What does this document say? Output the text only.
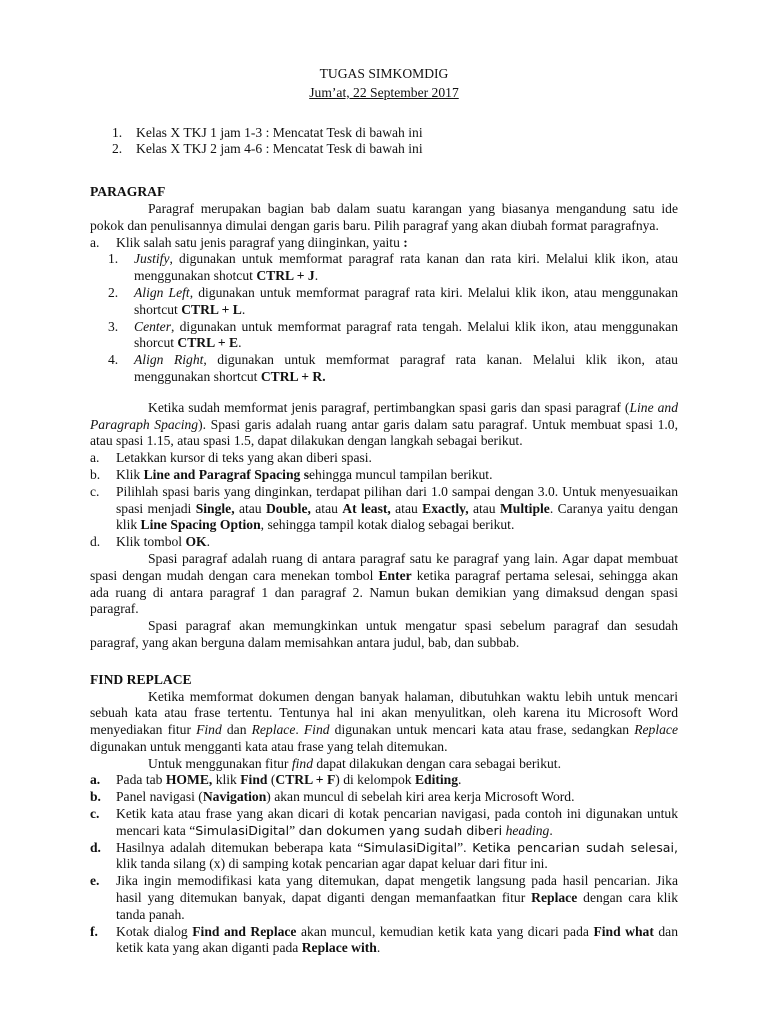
TUGAS SIMKOMDIG
Jum’at, 22 September 2017
1.	Kelas X TKJ 1 jam 1-3 : Mencatat Tesk di bawah ini
2.	Kelas X TKJ 2 jam 4-6 : Mencatat Tesk di bawah ini
PARAGRAF
Paragraf merupakan bagian bab dalam suatu karangan yang biasanya mengandung satu ide pokok dan penulisannya dimulai dengan garis baru. Pilih paragraf yang akan diubah format paragrafnya.
a.	Klik salah satu jenis paragraf yang diinginkan, yaitu :
1.	Justify, digunakan untuk memformat paragraf rata kanan dan rata kiri. Melalui klik ikon, atau menggunakan shotcut CTRL + J.
2.	Align Left, digunakan untuk memformat paragraf rata kiri. Melalui klik ikon, atau menggunakan shortcut CTRL + L.
3.	Center, digunakan untuk memformat paragraf rata tengah. Melalui klik ikon, atau menggunakan shorcut CTRL + E.
4.	Align Right, digunakan untuk memformat paragraf rata kanan. Melalui klik ikon, atau menggunakan shortcut CTRL + R.
Ketika sudah memformat jenis paragraf, pertimbangkan spasi garis dan spasi paragraf (Line and Paragraph Spacing). Spasi garis adalah ruang antar garis dalam satu paragraf. Untuk membuat spasi 1.0, atau spasi 1.15, atau spasi 1.5, dapat dilakukan dengan langkah sebagai berikut.
a.	Letakkan kursor di teks yang akan diberi spasi.
b.	Klik Line and Paragraf Spacing sehingga muncul tampilan berikut.
c.	Pilihlah spasi baris yang dinginkan, terdapat pilihan dari 1.0 sampai dengan 3.0. Untuk menyesuaikan spasi menjadi Single, atau Double, atau At least, atau Exactly, atau Multiple. Caranya yaitu dengan klik Line Spacing Option, sehingga tampil kotak dialog sebagai berikut.
d.	Klik tombol OK.
Spasi paragraf adalah ruang di antara paragraf satu ke paragraf yang lain. Agar dapat membuat spasi dengan mudah dengan cara menekan tombol Enter ketika paragraf pertama selesai, sehingga akan ada ruang di antara paragraf 1 dan paragraf 2. Namun bukan demikian yang dimaksud dengan spasi paragraf.
Spasi paragraf akan memungkinkan untuk mengatur spasi sebelum paragraf dan sesudah paragraf, yang akan berguna dalam memisahkan antara judul, bab, dan subbab.
FIND REPLACE
Ketika memformat dokumen dengan banyak halaman, dibutuhkan waktu lebih untuk mencari sebuah kata atau frase tertentu. Tentunya hal ini akan menyulitkan, oleh karena itu Microsoft Word menyediakan fitur Find dan Replace. Find digunakan untuk mencari kata atau frase, sedangkan Replace digunakan untuk mengganti kata atau frase yang telah ditemukan.
Untuk menggunakan fitur find dapat dilakukan dengan cara sebagai berikut.
a.	Pada tab HOME, klik Find (CTRL + F) di kelompok Editing.
b.	Panel navigasi (Navigation) akan muncul di sebelah kiri area kerja Microsoft Word.
c.	Ketik kata atau frase yang akan dicari di kotak pencarian navigasi, pada contoh ini digunakan untuk mencari kata “SimulasiDigital” dan dokumen yang sudah diberi heading.
d.	Hasilnya adalah ditemukan beberapa kata “SimulasiDigital”. Ketika pencarian sudah selesai, klik tanda silang (x) di samping kotak pencarian agar dapat keluar dari fitur ini.
e.	Jika ingin memodifikasi kata yang ditemukan, dapat mengetik langsung pada hasil pencarian. Jika hasil yang ditemukan banyak, dapat diganti dengan memanfaatkan fitur Replace dengan cara klik tanda panah.
f.	Kotak dialog Find and Replace akan muncul, kemudian ketik kata yang dicari pada Find what dan ketik kata yang akan diganti pada Replace with.
